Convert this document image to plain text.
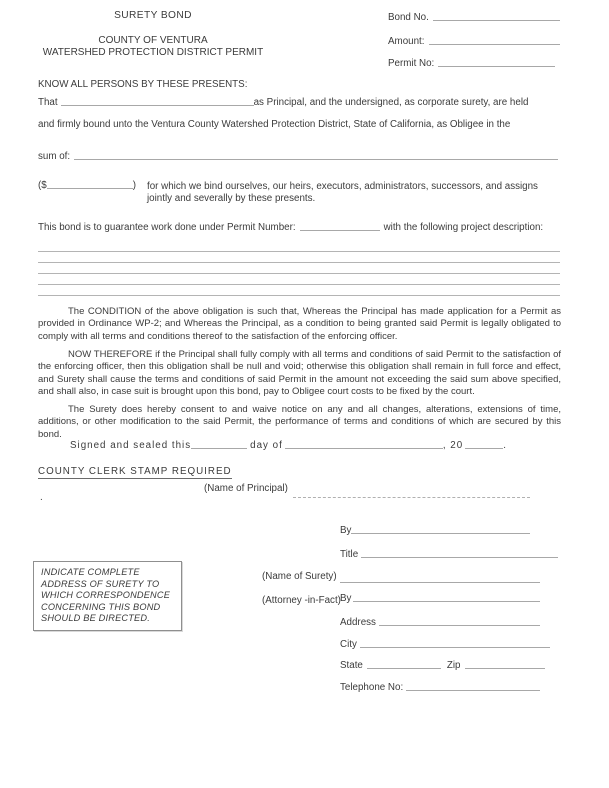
SURETY BOND
COUNTY OF VENTURA
WATERSHED PROTECTION DISTRICT PERMIT
Bond No.
Amount:
Permit No:
KNOW ALL PERSONS BY THESE PRESENTS:
That	as Principal, and the undersigned, as corporate surety, are held
and firmly bound unto the Ventura County Watershed Protection District, State of California, as Obligee in the
sum of:
($	) for which we bind ourselves, our heirs, executors, administrators, successors, and assigns
jointly and severally by these presents.
This bond is to guarantee work done under Permit Number:	with the following project description:
The CONDITION of the above obligation is such that, Whereas the Principal has made application for a Permit as provided in Ordinance WP-2; and Whereas the Principal, as a condition to being granted said Permit is legally obligated to comply with all terms and conditions thereof to the satisfaction of the enforcing officer.
NOW THEREFORE if the Principal shall fully comply with all terms and conditions of said Permit to the satisfaction of the enforcing officer, then this obligation shall be null and void; otherwise this obligation shall remain in full force and effect, and Surety shall cause the terms and conditions of said Permit in the amount not exceeding the said sum above specified, and shall also, in case suit is brought upon this bond, pay to Obligee court costs to be fixed by the court.
The Surety does hereby consent to and waive notice on any and all changes, alterations, extensions of time, additions, or other modification to the said Permit, the performance of terms and conditions of which are secured by this bond.
Signed and sealed this	day of	, 20	.
COUNTY CLERK STAMP REQUIRED
(Name of Principal)
.
By
Title
(Name of Surety)
(Attorney -in-Fact) By
Address
City
State	Zip
Telephone No:
INDICATE COMPLETE
ADDRESS OF SURETY TO
WHICH CORRESPONDENCE
CONCERNING THIS BOND
SHOULD BE DIRECTED.
